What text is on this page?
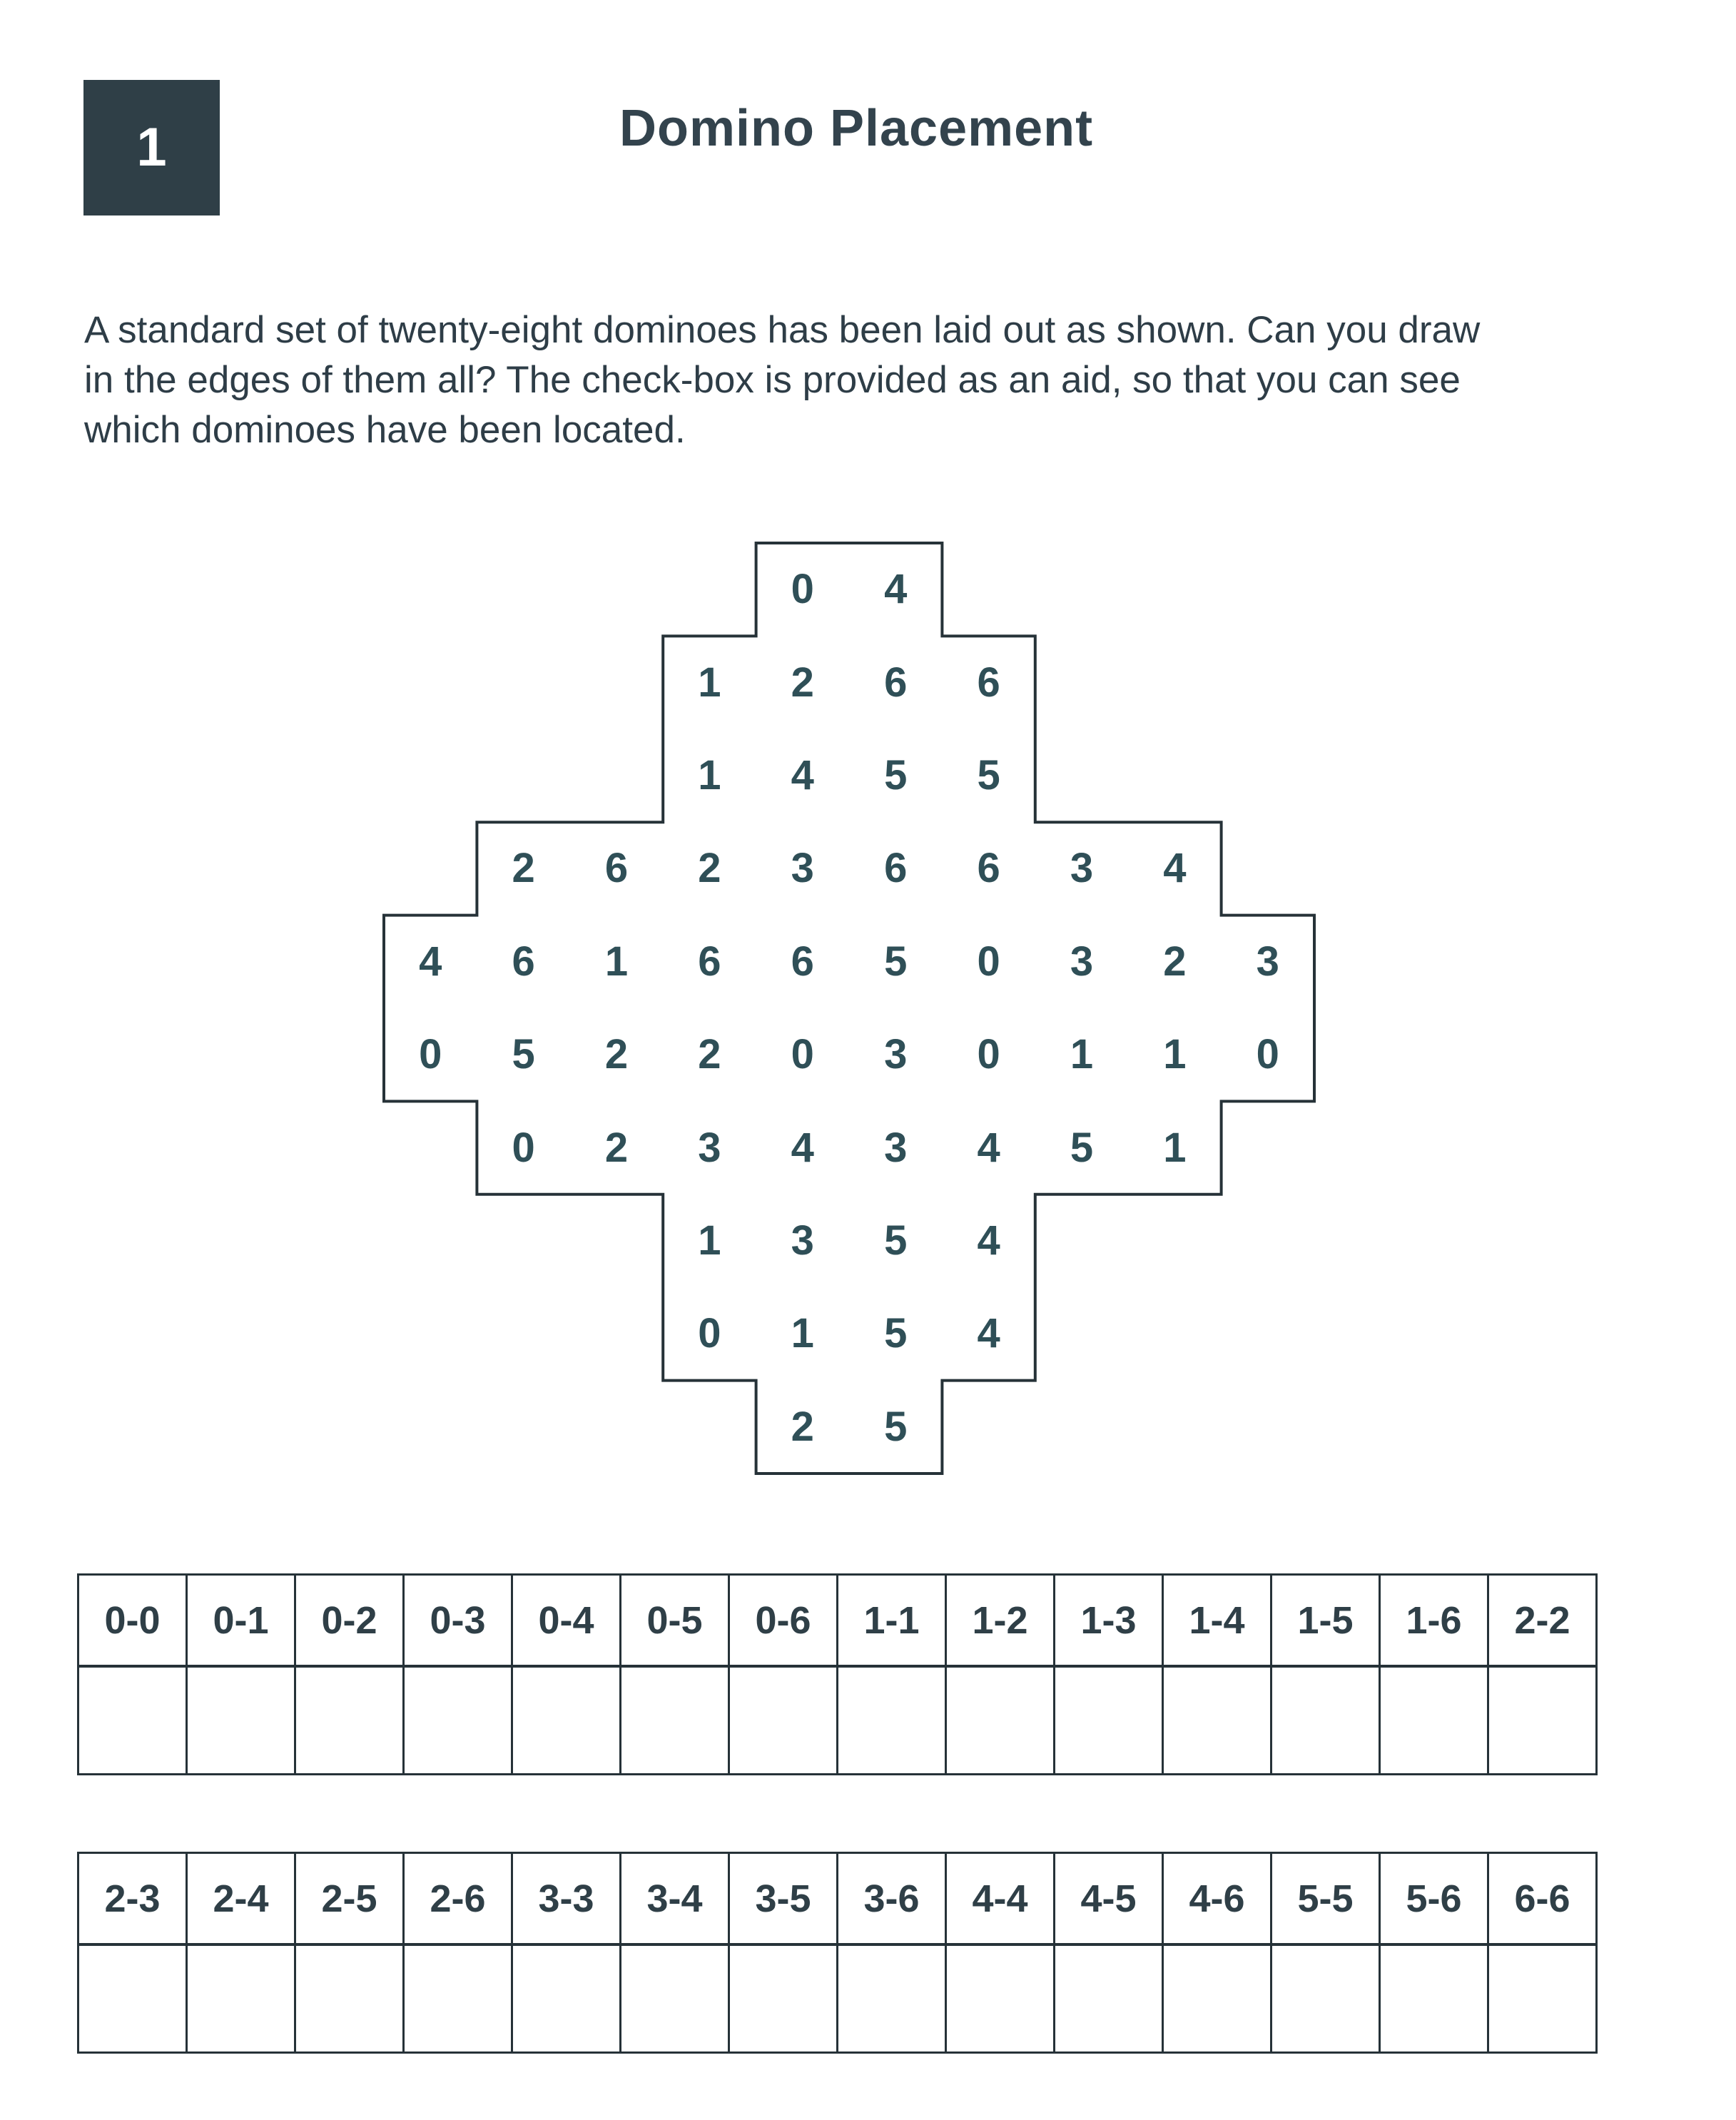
1	Domino Placement

A standard set of twenty-eight dominoes has been laid out as shown. Can you draw
in the edges of them all? The check-box is provided as an aid, so that you can see
which dominoes have been located.

0	4
1	2	6	6
1	4	5	5
2	6	2	3	6	6	3	4
4	6	1	6	6	5	0	3	2	3
0	5	2	2	0	3	0	1	1	0
0	2	3	4	3	4	5	1
1	3	5	4
0	1	5	4
2	5
0-0	0-1	0-2	0-3	0-4	0-5	0-6	1-1	1-2	1-3	1-4	1-5	1-6	2-2

2-3	2-4	2-5	2-6	3-3	3-4	3-5	3-6	4-4	4-5	4-6	5-5	5-6	6-6
